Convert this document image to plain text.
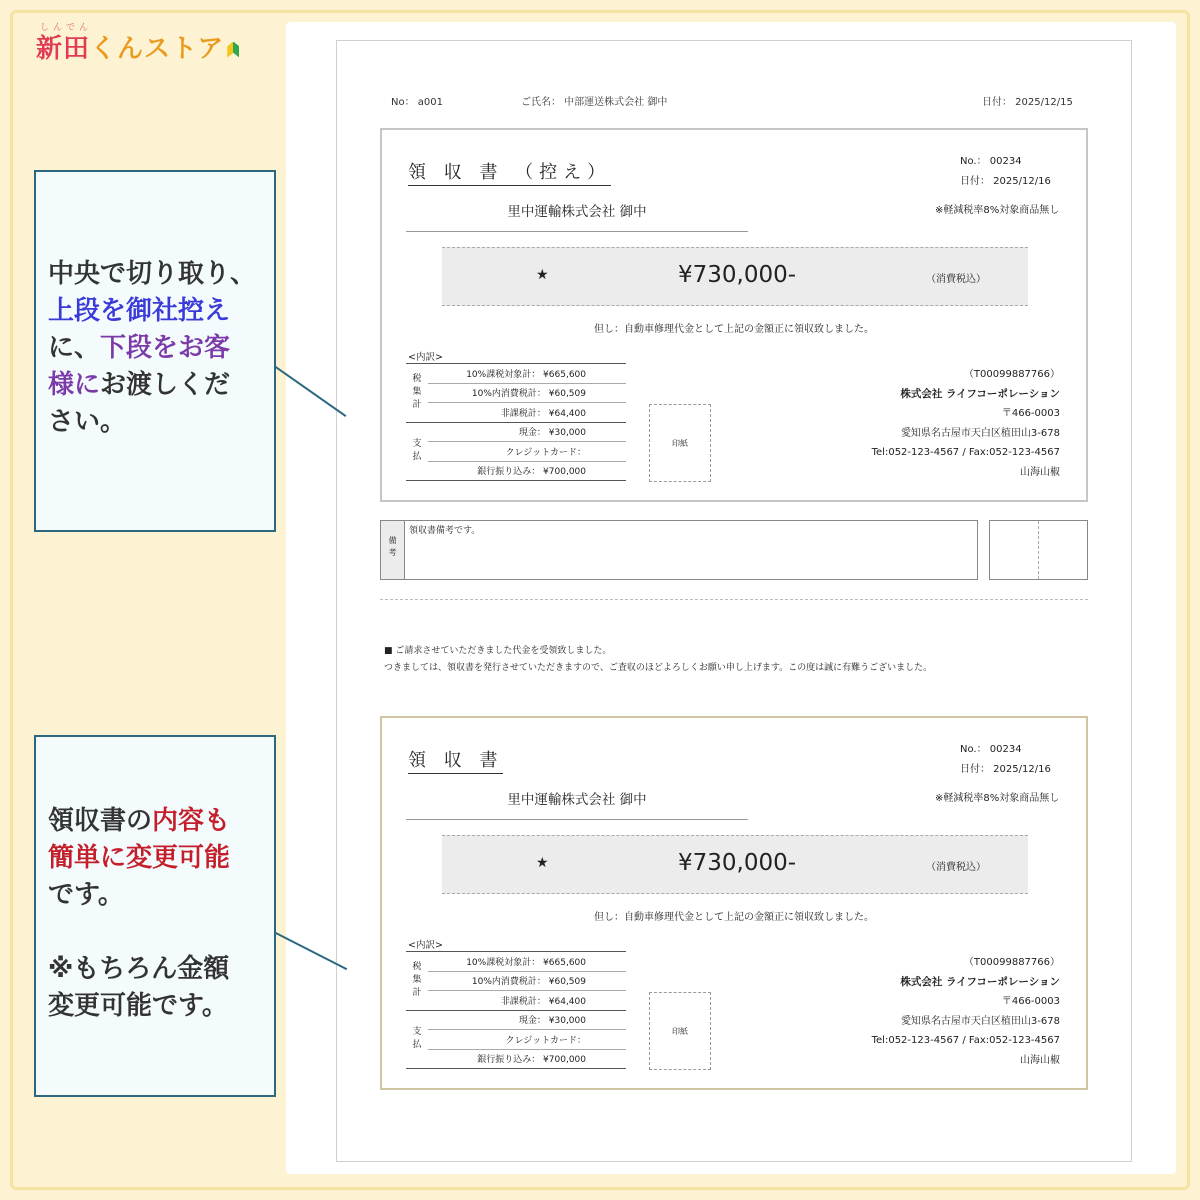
しんでん
新田くんストア
中央で切り取り、
上段を御社控え
に、下段をお客
様にお渡しくだ
さい。
領収書の内容も
簡単に変更可能
です。
※もちろん金額
変更可能です。
No： a001	ご氏名： 中部運送株式会社 御中	日付： 2025/12/15
領 収 書 （控え）
No.： 00234
日付： 2025/12/16
※軽減税率8%対象商品無し
里中運輸株式会社 御中
★	¥730,000-	（消費税込）
但し：自動車修理代金として上記の金額正に領収致しました。
<内訳>
税
集
計	10%課税対象計： ¥665,600
	10%内消費税計： ¥60,509
	非課税計： ¥64,400
支
払	現金： ¥30,000
	クレジットカード：
	銀行振り込み： ¥700,000
印紙
（T00099887766）
株式会社 ライフコーポレーション
〒466-0003
愛知県名古屋市天白区植田山3-678
Tel:052-123-4567 / Fax:052-123-4567
山海山椒
備
考
領収書備考です。
■ ご請求させていただきました代金を受領致しました。
つきましては、領収書を発行させていただきますので、ご査収のほどよろしくお願い申し上げます。この度は誠に有難うございました。
領 収 書
No.： 00234
日付： 2025/12/16
※軽減税率8%対象商品無し
里中運輸株式会社 御中
★	¥730,000-	（消費税込）
但し：自動車修理代金として上記の金額正に領収致しました。
<内訳>
税
集
計	10%課税対象計： ¥665,600
	10%内消費税計： ¥60,509
	非課税計： ¥64,400
支
払	現金： ¥30,000
	クレジットカード：
	銀行振り込み： ¥700,000
印紙
（T00099887766）
株式会社 ライフコーポレーション
〒466-0003
愛知県名古屋市天白区植田山3-678
Tel:052-123-4567 / Fax:052-123-4567
山海山椒
